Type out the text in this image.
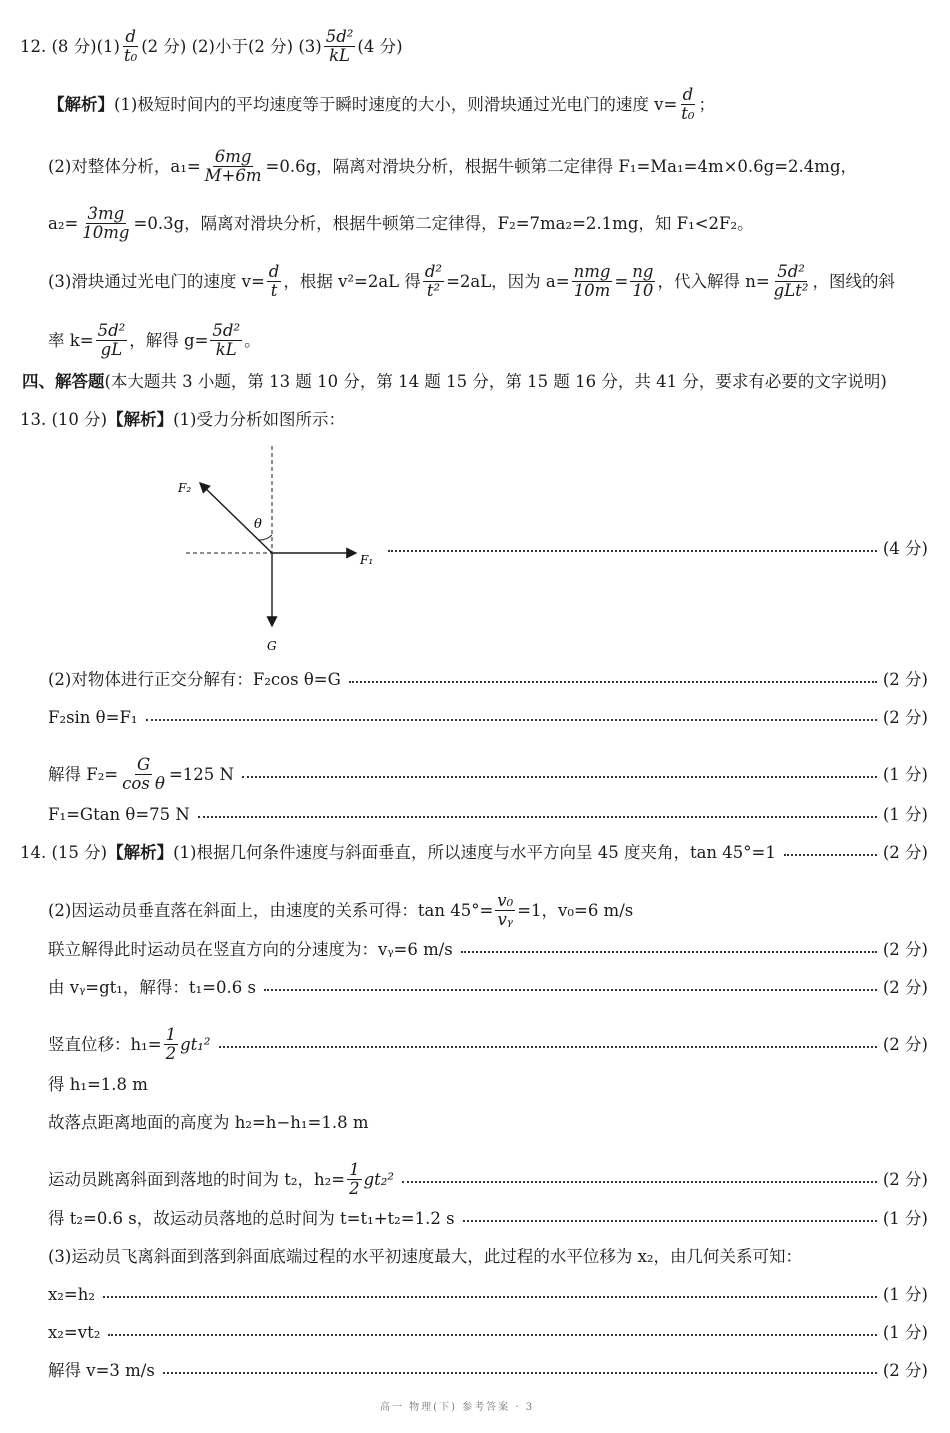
12. (8 分)$(1) \frac{d}{\text{t₀}} (2$ 分) (2)小于(2 分) $(3) \frac{\text{5d²}}{kL} (4$ 分)
【解析】 (1)极短时间内的平均速度等于瞬时速度的大小，则滑块通过光电门的速度 $v= \frac{d}{\text{t₀}}$ ；
(2)对整体分析，$a_1= \frac{6mg}{M+6m} =0.6g$，隔离对滑块分析，根据牛顿第二定律得 F₁=Ma₁=4m×0.6g=2.4mg，
$a_2= \frac{3mg}{10mg} =0.3g$，隔离对滑块分析，根据牛顿第二定律得，F₂=7ma₂=2.1mg，知 F₁<2F₂。
(3)滑块通过光电门的速度 $v= \frac{d}{t}$ ，根据 v²=2aL 得 $\frac{\text{d²}}{\text{t²}} =2aL$，因为 $a= \frac{\text{nmg}}{10m} = \frac{ng}{10}$ ，代入解得 $n= \frac{\text{5d²}}{\text{gLt²}}$ ，图线的斜
率 $k= \frac{\text{5d²}}{gL}$ ，解得 $g= \frac{\text{5d²}}{kL}$ 。
四、解答题(本大题共 3 小题，第 13 题 10 分，第 14 题 15 分，第 15 题 16 分，共 41 分，要求有必要的文字说明)
13. (10 分)【解析】(1)受力分析如图所示：
θ
F₂
F₁
G
(4 分)
(2)对物体进行正交分解有：F₂cos θ=G	(2 分)
F₂sin θ=F₁	(2 分)
解得 $F_2= \frac{G}{\text{cos θ}} =125$ N	(1 分)
F₁=Gtan θ=75 N	(1 分)
14. (15 分) 【解析】 (1)根据几何条件速度与斜面垂直，所以速度与水平方向呈 45 度夹角，tan 45°=1	(2 分)
(2)因运动员垂直落在斜面上，由速度的关系可得：$\tan 45^\circ= \frac{\text{v₀}}{\text{vᵧ}} =1$，v₀=6 m/s
联立解得此时运动员在竖直方向的分速度为：vᵧ=6 m/s	(2 分)
由 vᵧ=gt₁，解得：t₁=0.6 s	(2 分)
竖直位移：$h_1= \frac{1}{2} gt_1^2$	(2 分)
得 h₁=1.8 m
故落点距离地面的高度为 h₂=h−h₁=1.8 m
运动员跳离斜面到落地的时间为 t₂，$h_2= \frac{1}{2} gt_2^2$	(2 分)
得 t₂=0.6 s，故运动员落地的总时间为 t=t₁+t₂=1.2 s	(1 分)
(3)运动员飞离斜面到落到斜面底端过程的水平初速度最大，此过程的水平位移为 x₂，由几何关系可知：
x₂=h₂	(1 分)
x₂=vt₂	(1 分)
解得 v=3 m/s	(2 分)
高一 物理(下) 参考答案 · 3
